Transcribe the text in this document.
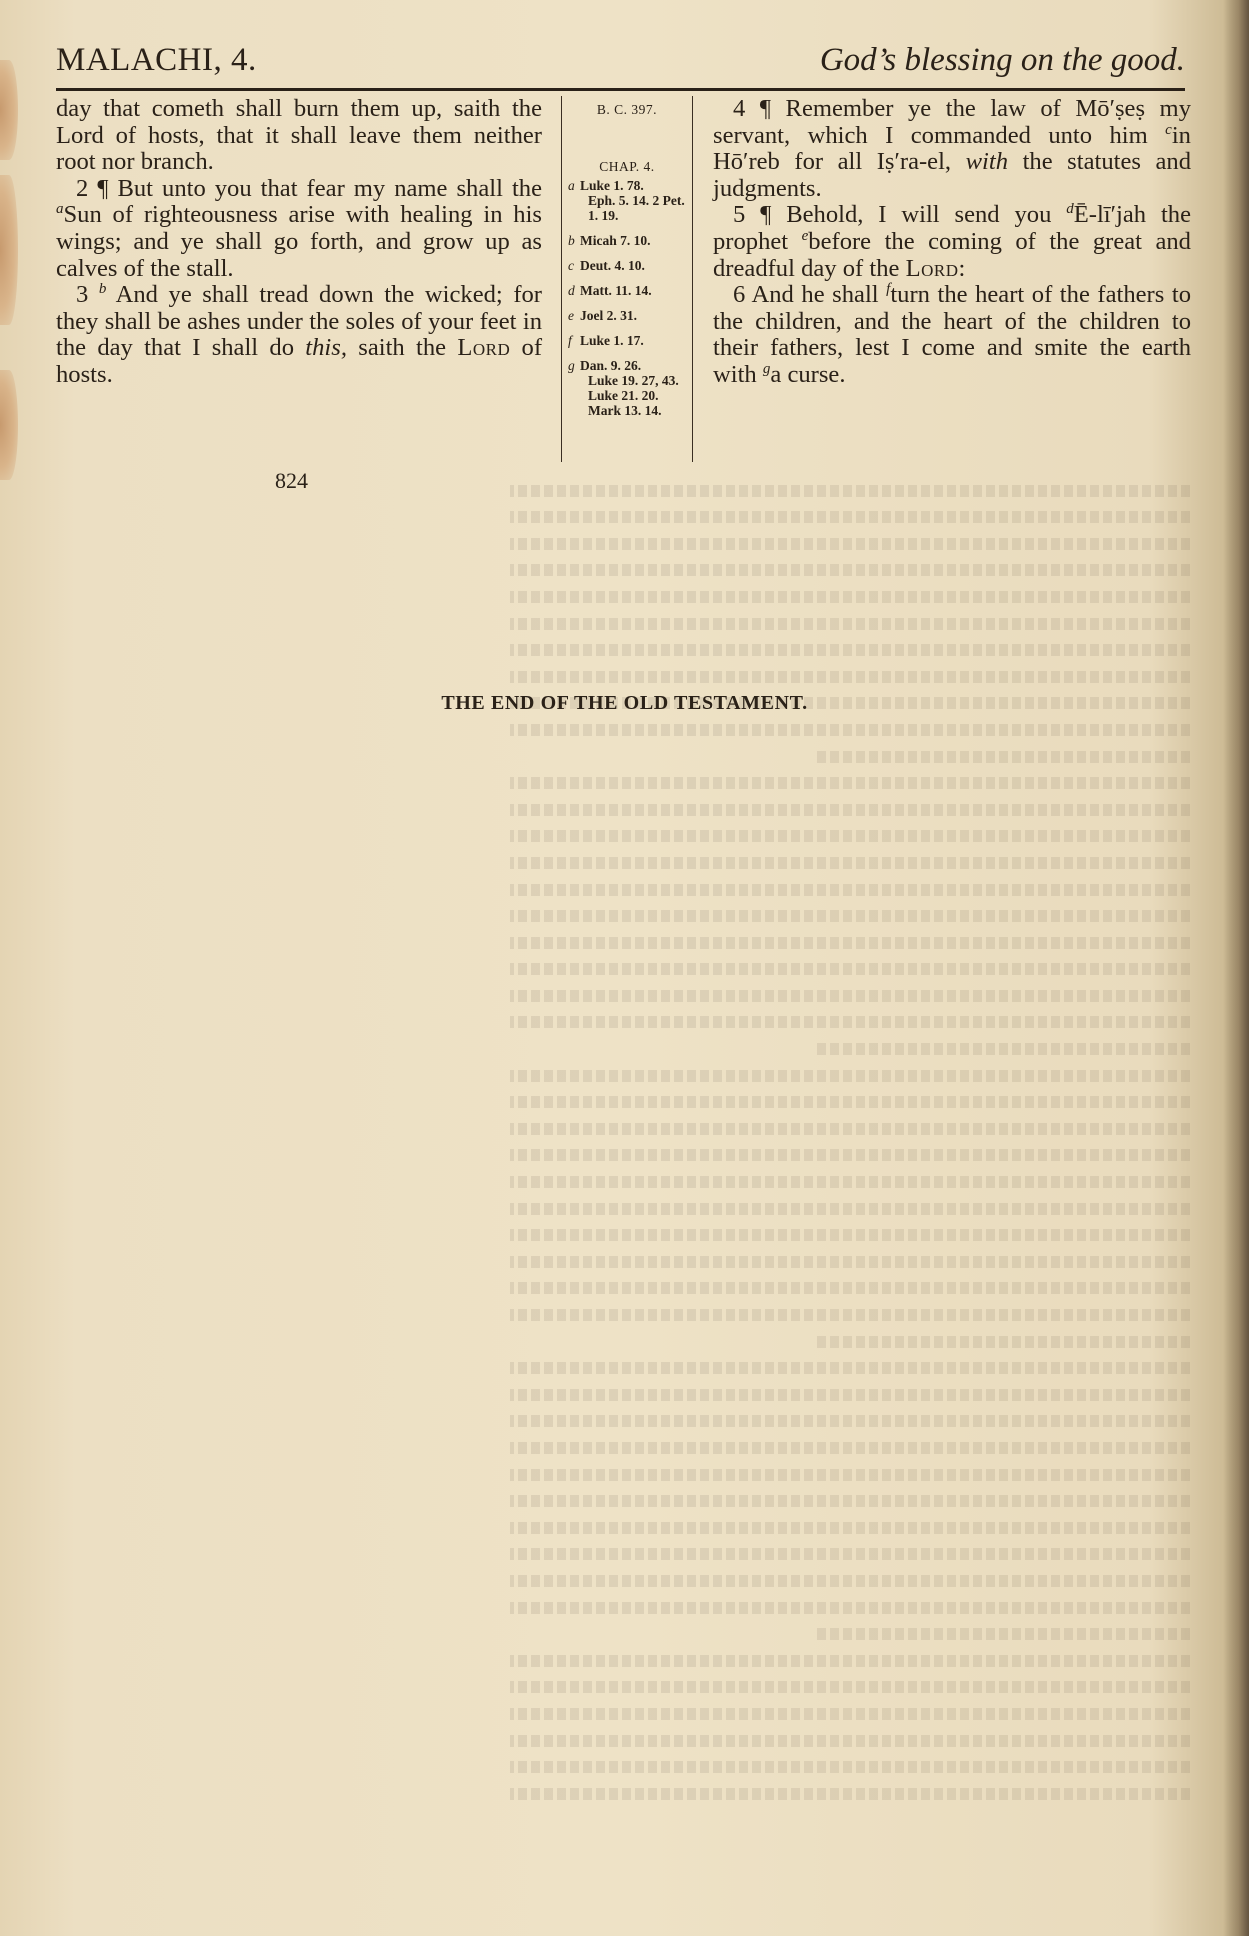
MALACHI, 4.	God’s blessing on the good.

day that cometh shall burn them up, saith the Lord of hosts, that it shall leave them neither root nor branch.

2 ¶ But unto you that fear my name shall the $^a$Sun of righteousness arise with healing in his wings; and ye shall go forth, and grow up as calves of the stall.

3 $^b$ And ye shall tread down the wicked; for they shall be ashes under the soles of your feet in the day that I shall do this, saith the Lord of hosts.

B. C. 397.
CHAP. 4.
a Luke 1. 78.
Eph. 5. 14. 2 Pet. 1. 19.
b Micah 7. 10.
c Deut. 4. 10.
d Matt. 11. 14.
e Joel 2. 31.
f Luke 1. 17.
g Dan. 9. 26.
Luke 19. 27, 43. Luke 21. 20. Mark 13. 14.

4 ¶ Remember ye the law of Mō′ṣeṣ my servant, which I commanded unto him $^c$in Hō′reb for all Iṣ′ra-el, with the statutes and judgments.

5 ¶ Behold, I will send you $^d$Ē-lī′jah the prophet $^e$before the coming of the great and dreadful day of the Lord:

6 And he shall $^f$turn the heart of the fathers to the children, and the heart of the children to their fathers, lest I come and smite the earth with $^g$a curse.

824
THE END OF THE OLD TESTAMENT.
